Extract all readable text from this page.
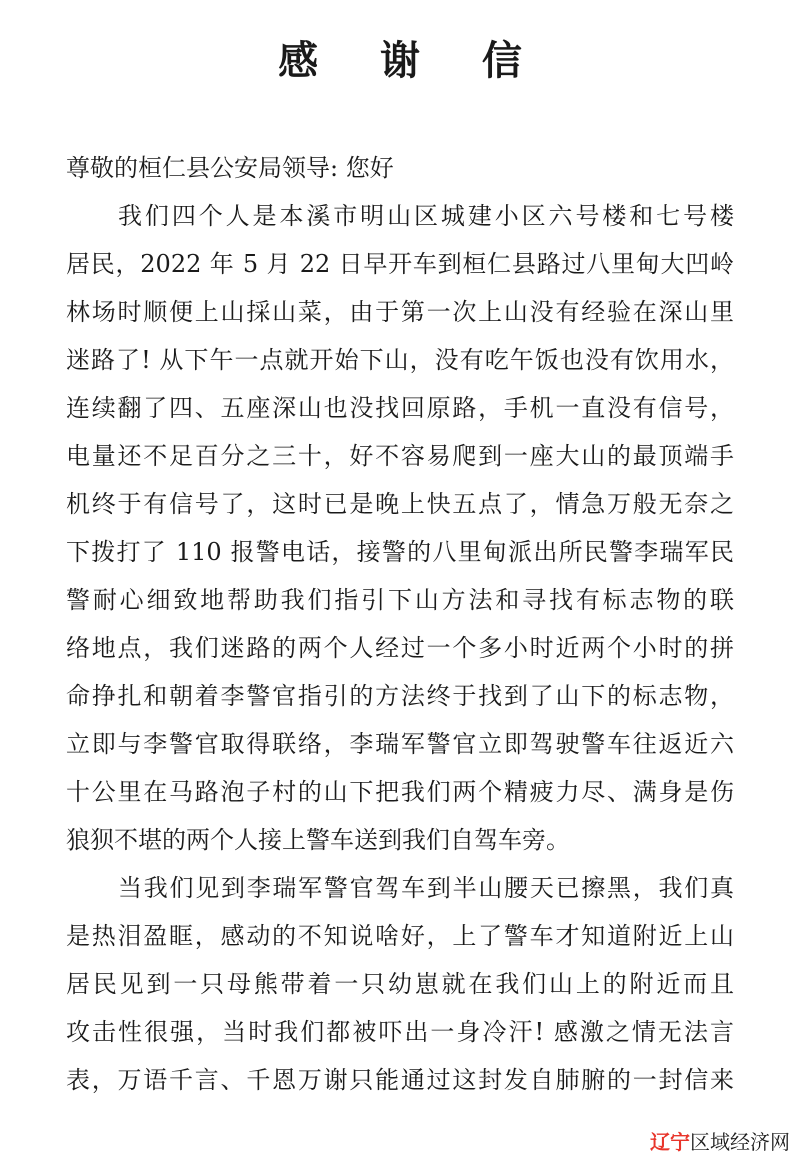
感 谢 信
尊敬的桓仁县公安局领导: 您好
我们四个人是本溪市明山区城建小区六号楼和七号楼
居民，2022 年 5 月 22 日早开车到桓仁县路过八里甸大凹岭
林场时顺便上山採山菜，由于第一次上山没有经验在深山里
迷路了! 从下午一点就开始下山，没有吃午饭也没有饮用水，
连续翻了四、五座深山也没找回原路，手机一直没有信号，
电量还不足百分之三十，好不容易爬到一座大山的最顶端手
机终于有信号了，这时已是晚上快五点了，情急万般无奈之
下拨打了 110 报警电话，接警的八里甸派出所民警李瑞军民
警耐心细致地帮助我们指引下山方法和寻找有标志物的联
络地点，我们迷路的两个人经过一个多小时近两个小时的拼
命挣扎和朝着李警官指引的方法终于找到了山下的标志物，
立即与李警官取得联络，李瑞军警官立即驾驶警车往返近六
十公里在马路泡子村的山下把我们两个精疲力尽、满身是伤
狼狈不堪的两个人接上警车送到我们自驾车旁。
当我们见到李瑞军警官驾车到半山腰天已擦黑，我们真
是热泪盈眶，感动的不知说啥好，上了警车才知道附近上山
居民见到一只母熊带着一只幼崽就在我们山上的附近而且
攻击性很强，当时我们都被吓出一身冷汗! 感激之情无法言
表，万语千言、千恩万谢只能通过这封发自肺腑的一封信来
辽宁区域经济网
